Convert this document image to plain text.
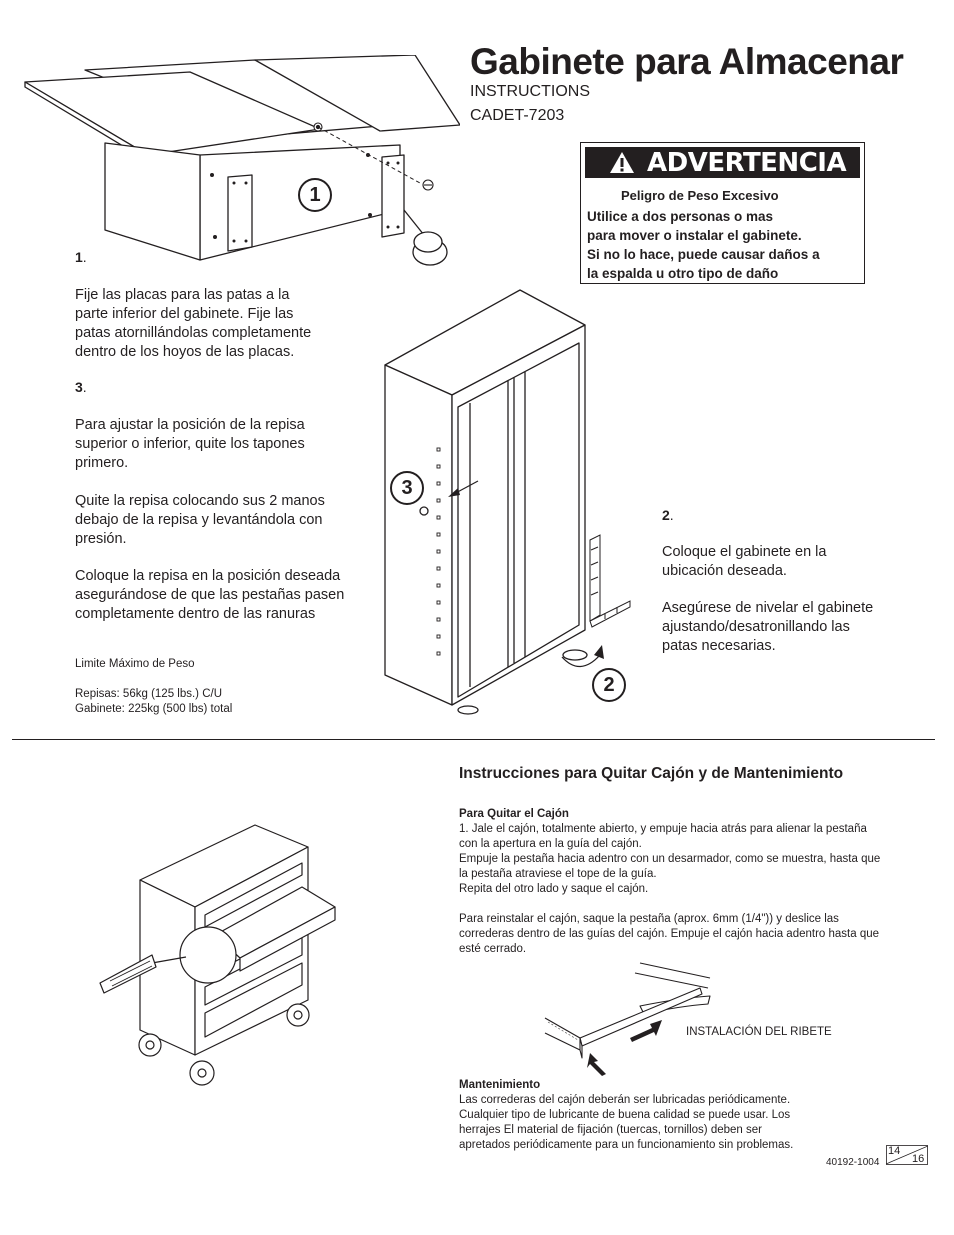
Gabinete para Almacenar
INSTRUCTIONS
CADET-7203
ADVERTENCIA
Peligro de Peso Excesivo
Utilice a dos personas o mas
para mover o instalar el gabinete.
Si no lo hace, puede causar daños a
la espalda u otro tipo de daño
1
1.
Fije las placas para las patas a la
parte inferior del gabinete. Fije las
patas atornillándolas completamente
dentro de los hoyos de las placas.
3.
Para ajustar la posición de la repisa
superior o inferior, quite los tapones
primero.
Quite la repisa colocando sus 2 manos
debajo de la repisa y levantándola con
presión.
Coloque la repisa en la posición deseada
asegurándose de que las pestañas pasen
completamente dentro de las ranuras
Limite Máximo de Peso
Repisas: 56kg (125 lbs.) C/U
Gabinete: 225kg (500 lbs) total
3
2
2.
Coloque el gabinete en la
ubicación deseada.
Asegúrese de nivelar el gabinete
ajustando/desatronillando las
patas necesarias.
Instrucciones para Quitar Cajón y de Mantenimiento
Para Quitar el Cajón
1. Jale el cajón, totalmente abierto, y empuje hacia atrás para alienar la pestaña
con la apertura en la guía del cajón.
Empuje la pestaña hacia adentro con un desarmador, como se muestra, hasta que
la pestaña atraviese el tope de la guía.
Repita del otro lado y saque el cajón.
Para reinstalar el cajón, saque la pestaña (aprox. 6mm (1/4")) y deslice las
correderas dentro de las guías del cajón. Empuje el cajón hacia adentro hasta que
esté cerrado.
INSTALACIÓN DEL RIBETE
Mantenimiento
Las correderas del cajón deberán ser lubricadas periódicamente.
Cualquier tipo de lubricante de buena calidad se puede usar. Los
herrajes El material de fijación (tuercas, tornillos) deben ser
apretados periódicamente para un funcionamiento sin problemas.
40192-1004
14
16
